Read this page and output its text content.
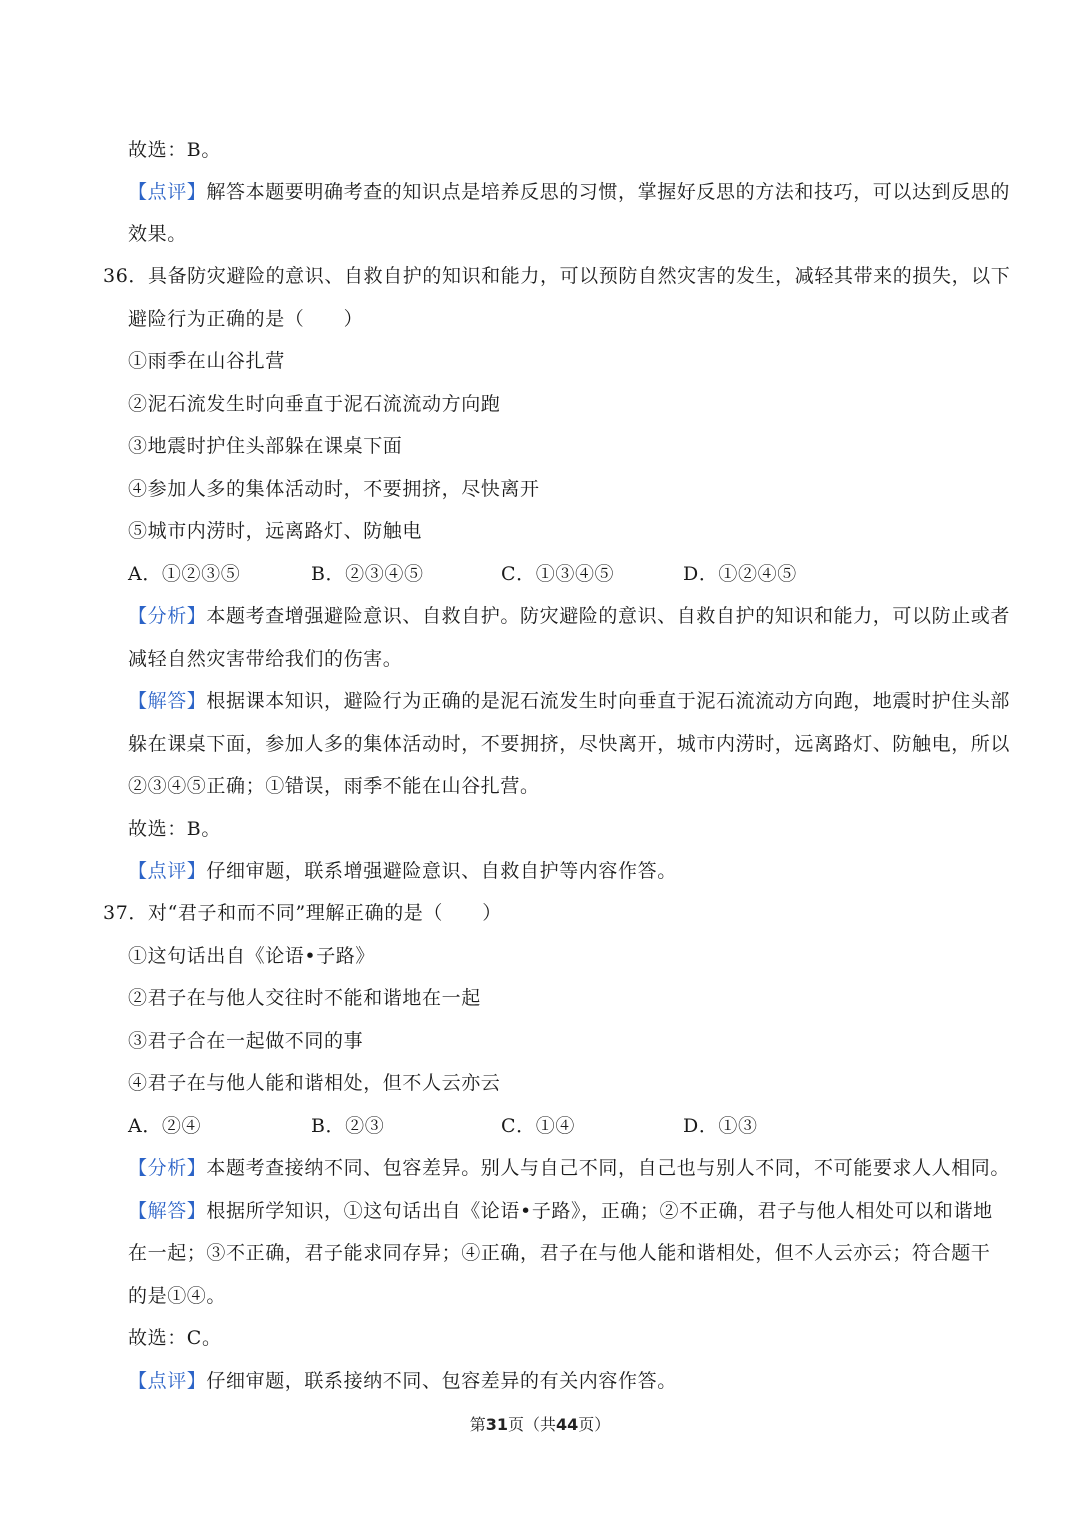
故选：B。
【点评】解答本题要明确考查的知识点是培养反思的习惯，掌握好反思的方法和技巧，可以达到反思的
效果。
36．具备防灾避险的意识、自救自护的知识和能力，可以预防自然灾害的发生，减轻其带来的损失，以下
避险行为正确的是（　　）
①雨季在山谷扎营
②泥石流发生时向垂直于泥石流流动方向跑
③地震时护住头部躲在课桌下面
④参加人多的集体活动时，不要拥挤，尽快离开
⑤城市内涝时，远离路灯、防触电
A．①②③⑤	B．②③④⑤	C．①③④⑤	D．①②④⑤
【分析】本题考查增强避险意识、自救自护。防灾避险的意识、自救自护的知识和能力，可以防止或者
减轻自然灾害带给我们的伤害。
【解答】根据课本知识，避险行为正确的是泥石流发生时向垂直于泥石流流动方向跑，地震时护住头部
躲在课桌下面，参加人多的集体活动时，不要拥挤，尽快离开，城市内涝时，远离路灯、防触电，所以
②③④⑤正确；①错误，雨季不能在山谷扎营。
故选：B。
【点评】仔细审题，联系增强避险意识、自救自护等内容作答。
37．对“君子和而不同”理解正确的是（　　）
①这句话出自《论语•子路》
②君子在与他人交往时不能和谐地在一起
③君子合在一起做不同的事
④君子在与他人能和谐相处，但不人云亦云
A．②④	B．②③	C．①④	D．①③
【分析】本题考查接纳不同、包容差异。别人与自己不同，自己也与别人不同，不可能要求人人相同。
【解答】根据所学知识，①这句话出自《论语•子路》，正确；②不正确，君子与他人相处可以和谐地
在一起；③不正确，君子能求同存异；④正确，君子在与他人能和谐相处，但不人云亦云；符合题干
的是①④。
故选：C。
【点评】仔细审题，联系接纳不同、包容差异的有关内容作答。
第31页（共44页）
